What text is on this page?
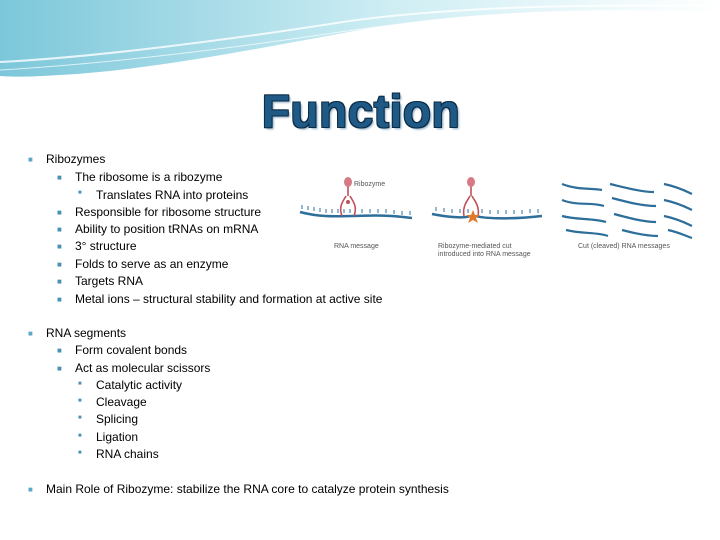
Function
■ Ribozymes
■ The ribosome is a ribozyme
■ Translates RNA into proteins
■ Responsible for ribosome structure
■ Ability to position tRNAs on mRNA
■ 3° structure
■ Folds to serve as an enzyme
■ Targets RNA
■ Metal ions – structural stability and formation at active site
■ RNA segments
■ Form covalent bonds
■ Act as molecular scissors
■ Catalytic activity
■ Cleavage
■ Splicing
■ Ligation
■ RNA chains
■ Main Role of Ribozyme: stabilize the RNA core to catalyze protein synthesis
Ribozyme
RNA message	Ribozyme-mediated cut
introduced into RNA message
Cut (cleaved) RNA messages
